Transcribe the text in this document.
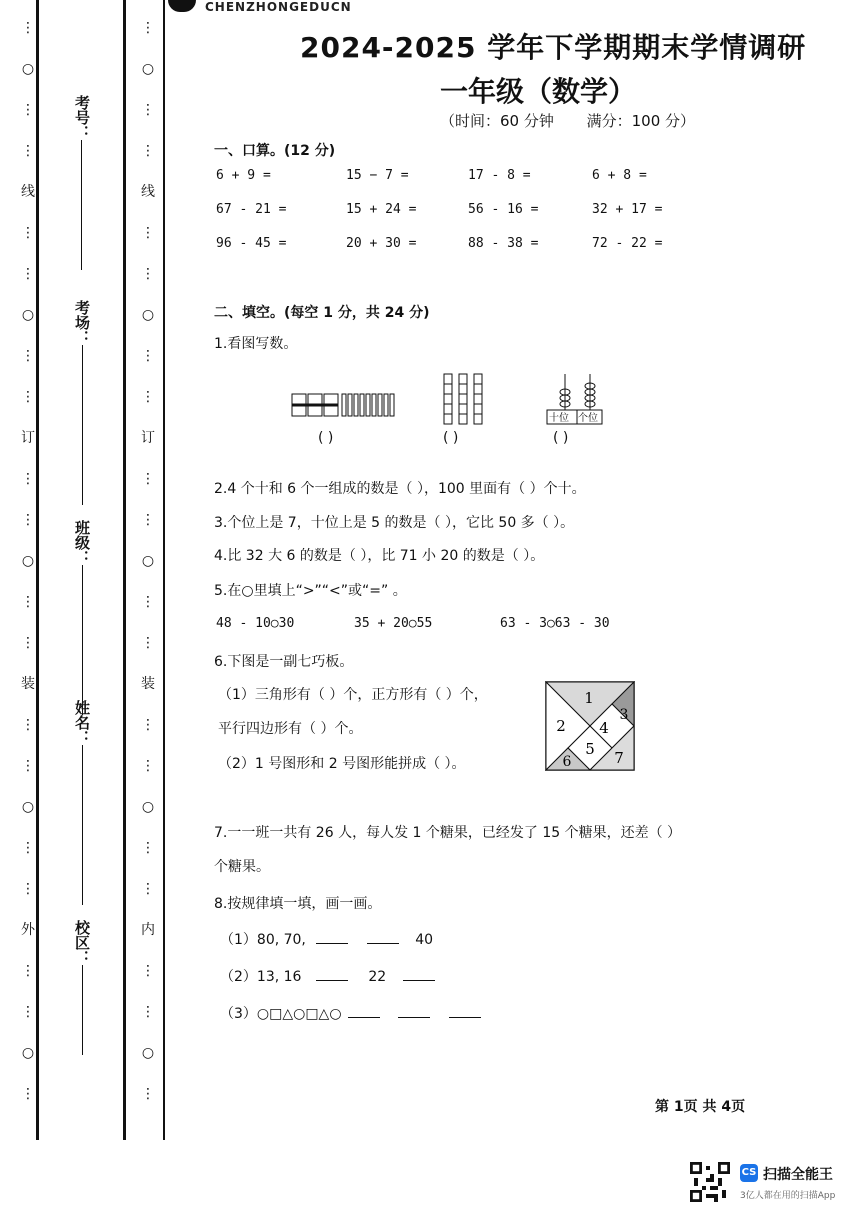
⋮
○
⋮
⋮
线
⋮
⋮
○
⋮
⋮
订
⋮
⋮
○
⋮
⋮
装
⋮
⋮
○
⋮
⋮
外
⋮
⋮
○
⋮
⋮
○
⋮
⋮
线
⋮
⋮
○
⋮
⋮
订
⋮
⋮
○
⋮
⋮
装
⋮
⋮
○
⋮
⋮
内
⋮
⋮
○
⋮
考号：
考场：
班级：
姓名：
校区：
CHENZHONGEDUCN
2024-2025 学年下学期期末学情调研
一年级（数学）
（时间：60 分钟 满分：100 分）
一、口算。(12 分)
6 + 9 =	15 − 7 =	17 - 8 =	6 + 8 =
67 - 21 =	15 + 24 =	56 - 16 =	32 + 17 =
96 - 45 =	20 + 30 =	88 - 38 =	72 - 22 =
二、填空。(每空 1 分，共 24 分)
1.看图写数。
十位 个位
( )	( )	( )
2.4 个十和 6 个一组成的数是（ ），100 里面有（ ）个十。
3.个位上是 7，十位上是 5 的数是（ ），它比 50 多（ ）。
4.比 32 大 6 的数是（ ），比 71 小 20 的数是（ ）。
5.在○里填上“>”“<”或“=” 。
48 - 10○30	35 + 20○55	63 - 3○63 - 30
6.下图是一副七巧板。
（1）三角形有（ ）个，正方形有（ ）个，
平行四边形有（ ）个。
（2）1 号图形和 2 号图形能拼成（ ）。
1
2
3
4
5
6	7
7.一一班一共有 26 人，每人发 1 个糖果，已经发了 15 个糖果，还差（ ）
个糖果。
8.按规律填一填，画一画。
（1）80, 70,	40
（2）13, 16	22
（3）○□△○□△○
第 1页 共 4页
CS 扫描全能王
3亿人都在用的扫描App
